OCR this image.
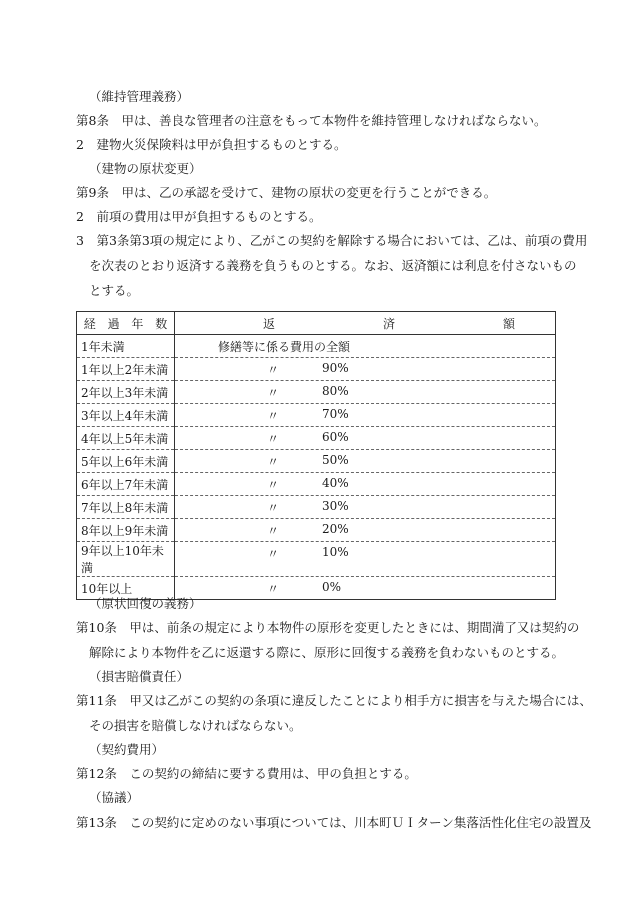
（維持管理義務）
第8条　甲は、善良な管理者の注意をもって本物件を維持管理しなければならない。
2　建物火災保険料は甲が負担するものとする。
（建物の原状変更）
第9条　甲は、乙の承認を受けて、建物の原状の変更を行うことができる。
2　前項の費用は甲が負担するものとする。
3　第3条第3項の規定により、乙がこの契約を解除する場合においては、乙は、前項の費用
を次表のとおり返済する義務を負うものとする。なお、返済額には利息を付さないもの
とする。
経 過 年 数	返 済 額

1年未満	修繕等に係る費用の全額

1年以上2年未満	〃 90%

2年以上3年未満	〃 80%

3年以上4年未満	〃 70%

4年以上5年未満	〃 60%

5年以上6年未満	〃 50%

6年以上7年未満	〃 40%

7年以上8年未満	〃 30%

8年以上9年未満	〃 20%

9年以上10年未満	〃 10%

10年以上	〃 0%
（原状回復の義務）
第10条　甲は、前条の規定により本物件の原形を変更したときには、期間満了又は契約の
解除により本物件を乙に返還する際に、原形に回復する義務を負わないものとする。
（損害賠償責任）
第11条　甲又は乙がこの契約の条項に違反したことにより相手方に損害を与えた場合には、
その損害を賠償しなければならない。
（契約費用）
第12条　この契約の締結に要する費用は、甲の負担とする。
（協議）
第13条　この契約に定めのない事項については、川本町ＵＩターン集落活性化住宅の設置及
